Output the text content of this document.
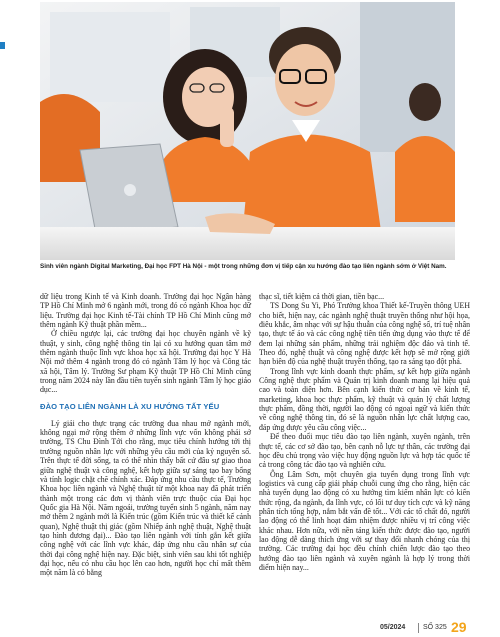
Sinh viên ngành Digital Marketing, Đại học FPT Hà Nội - một trong những đơn vị tiếp cận xu hướng đào tạo liên ngành sớm ở Việt Nam.

dữ liệu trong Kinh tế và Kinh doanh. Trường đại học Ngân hàng TP Hồ Chí Minh mở 6 ngành mới, trong đó có ngành Khoa học dữ liệu. Trường đại học Kinh tế-Tài chính TP Hồ Chí Minh cũng mở thêm ngành Kỹ thuật phần mềm...

Ở chiều ngược lại, các trường đại học chuyên ngành về kỹ thuật, y sinh, công nghệ thông tin lại có xu hướng quan tâm mở thêm ngành thuộc lĩnh vực khoa học xã hội. Trường đại học Y Hà Nội mở thêm 4 ngành trong đó có ngành Tâm lý học và Công tác xã hội, Tâm lý. Trường Sư phạm Kỹ thuật TP Hồ Chí Minh cũng trong năm 2024 này lần đầu tiên tuyển sinh ngành Tâm lý học giáo dục...

ĐÀO TẠO LIÊN NGÀNH LÀ XU HƯỚNG TẤT YẾU

Lý giải cho thực trạng các trường đua nhau mở ngành mới, không ngại mở rộng thêm ở những lĩnh vực vốn không phải sở trường, TS Chu Đình Tới cho rằng, mục tiêu chính hướng tới thị trường nguồn nhân lực với những yêu cầu mới của kỷ nguyên số. Trên thực tế đời sống, ta có thể nhìn thấy bất cứ đâu sự giao thoa giữa nghệ thuật và công nghệ, kết hợp giữa sự sáng tạo bay bổng và tính logic chặt chẽ chính xác. Đáp ứng nhu cầu thực tế, Trường Khoa học liên ngành và Nghệ thuật từ một khoa nay đã phát triển thành một trong các đơn vị thành viên trực thuộc của Đại học Quốc gia Hà Nội. Năm ngoái, trường tuyển sinh 5 ngành, năm nay mở thêm 2 ngành mới là Kiến trúc (gồm Kiến trúc và thiết kế cảnh quan), Nghệ thuật thị giác (gồm Nhiếp ảnh nghệ thuật, Nghệ thuật tạo hình đương đại)... Đào tạo liên ngành với tính gắn kết giữa công nghệ với các lĩnh vực khác, đáp ứng nhu cầu nhân sự của thời đại công nghệ hiện nay. Đặc biệt, sinh viên sau khi tốt nghiệp đại học, nếu có nhu cầu học lên cao hơn, người học chỉ mất thêm một năm là có bằng

thạc sĩ, tiết kiệm cả thời gian, tiền bạc...

TS Dong Su Yi, Phó Trưởng khoa Thiết kế-Truyền thông UEH cho biết, hiện nay, các ngành nghệ thuật truyền thống như hội họa, điêu khắc, âm nhạc với sự hậu thuẫn của công nghệ số, trí tuệ nhân tạo, thực tế ảo và các công nghệ tiên tiến ứng dụng vào thực tế để đem lại những sản phẩm, những trải nghiệm độc đáo và tinh tế. Theo đó, nghệ thuật và công nghệ được kết hợp sẽ mở rộng giới hạn biên độ của nghệ thuật truyền thống, tạo ra sáng tạo đột phá.

Trong lĩnh vực kinh doanh thực phẩm, sự kết hợp giữa ngành Công nghệ thực phẩm và Quản trị kinh doanh mang lại hiệu quả cao và toàn diện hơn. Bên cạnh kiến thức cơ bản về kinh tế, marketing, khoa học thực phẩm, kỹ thuật và quản lý chất lượng thực phẩm, đồng thời, người lao động có ngoại ngữ và kiến thức về công nghệ thông tin, đó sẽ là nguồn nhân lực chất lượng cao, đáp ứng được yêu cầu công việc...

Để theo đuổi mục tiêu đào tạo liên ngành, xuyên ngành, trên thực tế, các cơ sở đào tạo, bên cạnh nỗ lực tự thân, các trường đại học đều chủ trọng vào việc huy động nguồn lực và hợp tác quốc tế cả trong công tác đào tạo và nghiên cứu.

Ông Lâm Sơn, một chuyên gia tuyển dụng trong lĩnh vực logistics và cung cấp giải pháp chuỗi cung ứng cho rằng, hiện các nhà tuyển dụng lao động có xu hướng tìm kiếm nhân lực có kiến thức rộng, đa ngành, đa lĩnh vực, có lối tư duy tích cực và kỹ năng phân tích tổng hợp, nắm bắt vấn đề tốt... Với các tố chất đó, người lao động có thể linh hoạt đảm nhiệm được nhiều vị trí công việc khác nhau. Hơn nữa, với nền tảng kiến thức được đào tạo, người lao động dễ dàng thích ứng với sự thay đổi nhanh chóng của thị trường. Các trường đại học đều chính chiến lược đào tạo theo hướng đào tạo liên ngành và xuyên ngành là hợp lý trong thời điểm hiện nay...

05/2024	SỐ 325 29
